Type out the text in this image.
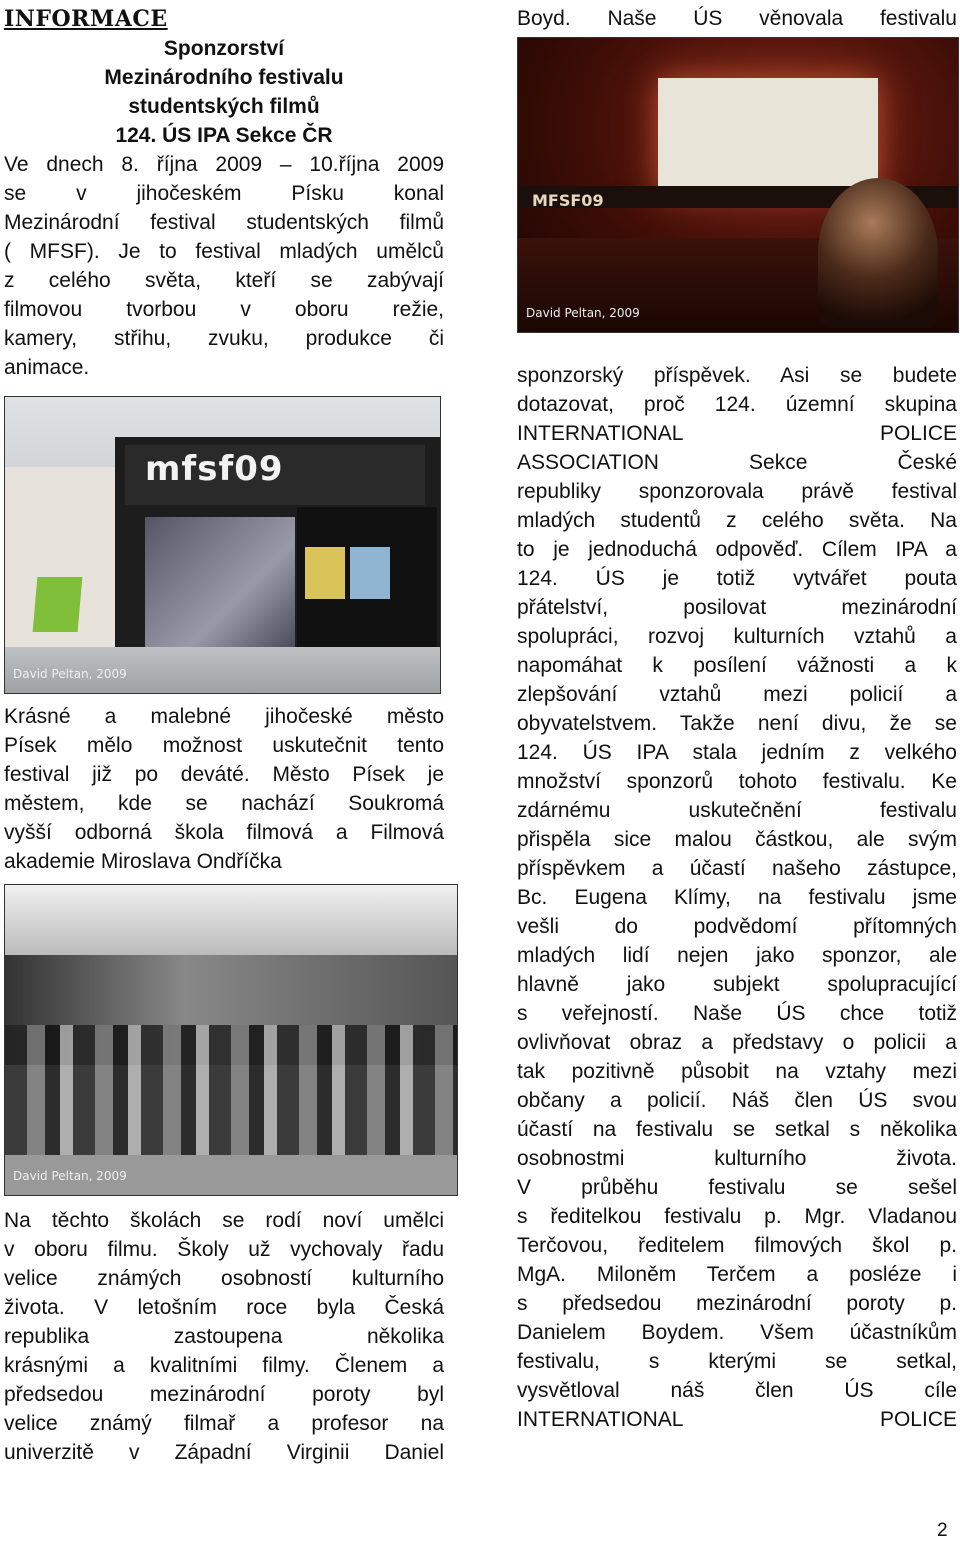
INFORMACE
Sponzorství
Mezinárodního festivalu
studentských filmů
124. ÚS IPA Sekce ČR

Ve dnech 8. října 2009 – 10.října 2009

se v jihočeském Písku konal

Mezinárodní festival studentských filmů

( MFSF). Je to festival mladých umělců

z celého světa, kteří se zabývají

filmovou tvorbou v oboru režie,

kamery, střihu, zvuku, produkce či

animace.

mfsf09
David Peltan, 2009

Krásné a malebné jihočeské město

Písek mělo možnost uskutečnit tento

festival již po deváté. Město Písek je

městem, kde se nachází Soukromá

vyšší odborná škola filmová a Filmová

akademie Miroslava Ondříčka

David Peltan, 2009

Na těchto školách se rodí noví umělci

v oboru filmu. Školy už vychovaly řadu

velice známých osobností kulturního

života. V letošním roce byla Česká

republika zastoupena několika

krásnými a kvalitními filmy. Členem a

předsedou mezinárodní poroty byl

velice známý filmař a profesor na

univerzitě v Západní Virginii Daniel

Boyd. Naše ÚS věnovala festivalu

MFSF09
David Peltan, 2009

sponzorský příspěvek. Asi se budete

dotazovat, proč 124. územní skupina

INTERNATIONAL POLICE

ASSOCIATION Sekce České

republiky sponzorovala právě festival

mladých studentů z celého světa. Na

to je jednoduchá odpověď. Cílem IPA a

124. ÚS je totiž vytvářet pouta

přátelství, posilovat mezinárodní

spolupráci, rozvoj kulturních vztahů a

napomáhat k posílení vážnosti a k

zlepšování vztahů mezi policií a

obyvatelstvem. Takže není divu, že se

124. ÚS IPA stala jedním z velkého

množství sponzorů tohoto festivalu. Ke

zdárnému uskutečnění festivalu

přispěla sice malou částkou, ale svým

příspěvkem a účastí našeho zástupce,

Bc. Eugena Klímy, na festivalu jsme

vešli do podvědomí přítomných

mladých lidí nejen jako sponzor, ale

hlavně jako subjekt spolupracující

s veřejností. Naše ÚS chce totiž

ovlivňovat obraz a představy o policii a

tak pozitivně působit na vztahy mezi

občany a policií. Náš člen ÚS svou

účastí na festivalu se setkal s několika

osobnostmi kulturního života.

V průběhu festivalu se sešel

s ředitelkou festivalu p. Mgr. Vladanou

Terčovou, ředitelem filmových škol p.

MgA. Miloněm Terčem a posléze i

s předsedou mezinárodní poroty p.

Danielem Boydem. Všem účastníkům

festivalu, s kterými se setkal,

vysvětloval náš člen ÚS cíle

INTERNATIONAL POLICE

2
